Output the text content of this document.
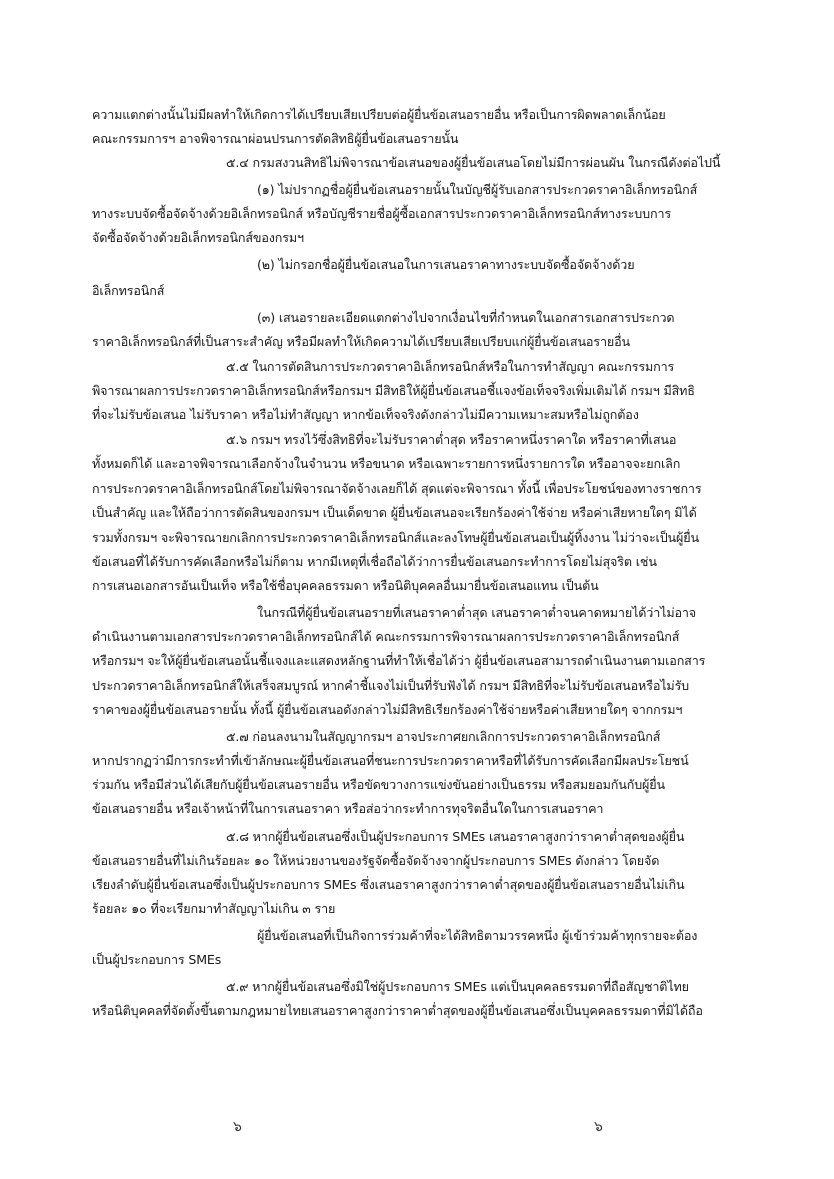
ความแตกต่างนั้นไม่มีผลทำให้เกิดการได้เปรียบเสียเปรียบต่อผู้ยื่นข้อเสนอรายอื่น หรือเป็นการผิดพลาดเล็กน้อย
คณะกรรมการฯ อาจพิจารณาผ่อนปรนการตัดสิทธิผู้ยื่นข้อเสนอรายนั้น
๕.๔ กรมสงวนสิทธิไม่พิจารณาข้อเสนอของผู้ยื่นข้อเสนอโดยไม่มีการผ่อนผัน ในกรณีดังต่อไปนี้
(๑) ไม่ปรากฏชื่อผู้ยื่นข้อเสนอรายนั้นในบัญชีผู้รับเอกสารประกวดราคาอิเล็กทรอนิกส์
ทางระบบจัดซื้อจัดจ้างด้วยอิเล็กทรอนิกส์ หรือบัญชีรายชื่อผู้ซื้อเอกสารประกวดราคาอิเล็กทรอนิกส์ทางระบบการ
จัดซื้อจัดจ้างด้วยอิเล็กทรอนิกส์ของกรมฯ
(๒) ไม่กรอกชื่อผู้ยื่นข้อเสนอในการเสนอราคาทางระบบจัดซื้อจัดจ้างด้วย
อิเล็กทรอนิกส์
(๓) เสนอรายละเอียดแตกต่างไปจากเงื่อนไขที่กำหนดในเอกสารเอกสารประกวด
ราคาอิเล็กทรอนิกส์ที่เป็นสาระสำคัญ หรือมีผลทำให้เกิดความได้เปรียบเสียเปรียบแก่ผู้ยื่นข้อเสนอรายอื่น
๕.๕ ในการตัดสินการประกวดราคาอิเล็กทรอนิกส์หรือในการทำสัญญา คณะกรรมการ
พิจารณาผลการประกวดราคาอิเล็กทรอนิกส์หรือกรมฯ มีสิทธิให้ผู้ยื่นข้อเสนอชี้แจงข้อเท็จจริงเพิ่มเติมได้ กรมฯ มีสิทธิ
ที่จะไม่รับข้อเสนอ ไม่รับราคา หรือไม่ทำสัญญา หากข้อเท็จจริงดังกล่าวไม่มีความเหมาะสมหรือไม่ถูกต้อง
๕.๖ กรมฯ ทรงไว้ซึ่งสิทธิที่จะไม่รับราคาต่ำสุด หรือราคาหนึ่งราคาใด หรือราคาที่เสนอ
ทั้งหมดก็ได้ และอาจพิจารณาเลือกจ้างในจำนวน หรือขนาด หรือเฉพาะรายการหนึ่งรายการใด หรืออาจจะยกเลิก
การประกวดราคาอิเล็กทรอนิกส์โดยไม่พิจารณาจัดจ้างเลยก็ได้ สุดแต่จะพิจารณา ทั้งนี้ เพื่อประโยชน์ของทางราชการ
เป็นสำคัญ และให้ถือว่าการตัดสินของกรมฯ เป็นเด็ดขาด ผู้ยื่นข้อเสนอจะเรียกร้องค่าใช้จ่าย หรือค่าเสียหายใดๆ มิได้
รวมทั้งกรมฯ จะพิจารณายกเลิกการประกวดราคาอิเล็กทรอนิกส์และลงโทษผู้ยื่นข้อเสนอเป็นผู้ทิ้งงาน ไม่ว่าจะเป็นผู้ยื่น
ข้อเสนอที่ได้รับการคัดเลือกหรือไม่ก็ตาม หากมีเหตุที่เชื่อถือได้ว่าการยื่นข้อเสนอกระทำการโดยไม่สุจริต เช่น
การเสนอเอกสารอันเป็นเท็จ หรือใช้ชื่อบุคคลธรรมดา หรือนิติบุคคลอื่นมายื่นข้อเสนอแทน เป็นต้น
ในกรณีที่ผู้ยื่นข้อเสนอรายที่เสนอราคาต่ำสุด เสนอราคาต่ำจนคาดหมายได้ว่าไม่อาจ
ดำเนินงานตามเอกสารประกวดราคาอิเล็กทรอนิกส์ได้ คณะกรรมการพิจารณาผลการประกวดราคาอิเล็กทรอนิกส์
หรือกรมฯ จะให้ผู้ยื่นข้อเสนอนั้นชี้แจงและแสดงหลักฐานที่ทำให้เชื่อได้ว่า ผู้ยื่นข้อเสนอสามารถดำเนินงานตามเอกสาร
ประกวดราคาอิเล็กทรอนิกส์ให้เสร็จสมบูรณ์ หากคำชี้แจงไม่เป็นที่รับฟังได้ กรมฯ มีสิทธิที่จะไม่รับข้อเสนอหรือไม่รับ
ราคาของผู้ยื่นข้อเสนอรายนั้น ทั้งนี้ ผู้ยื่นข้อเสนอดังกล่าวไม่มีสิทธิเรียกร้องค่าใช้จ่ายหรือค่าเสียหายใดๆ จากกรมฯ
๕.๗ ก่อนลงนามในสัญญากรมฯ อาจประกาศยกเลิกการประกวดราคาอิเล็กทรอนิกส์
หากปรากฏว่ามีการกระทำที่เข้าลักษณะผู้ยื่นข้อเสนอที่ชนะการประกวดราคาหรือที่ได้รับการคัดเลือกมีผลประโยชน์
ร่วมกัน หรือมีส่วนได้เสียกับผู้ยื่นข้อเสนอรายอื่น หรือขัดขวางการแข่งขันอย่างเป็นธรรม หรือสมยอมกันกับผู้ยื่น
ข้อเสนอรายอื่น หรือเจ้าหน้าที่ในการเสนอราคา หรือส่อว่ากระทำการทุจริตอื่นใดในการเสนอราคา
๕.๘ หากผู้ยื่นข้อเสนอซึ่งเป็นผู้ประกอบการ SMEs เสนอราคาสูงกว่าราคาต่ำสุดของผู้ยื่น
ข้อเสนอรายอื่นที่ไม่เกินร้อยละ ๑๐ ให้หน่วยงานของรัฐจัดซื้อจัดจ้างจากผู้ประกอบการ SMEs ดังกล่าว โดยจัด
เรียงลำดับผู้ยื่นข้อเสนอซึ่งเป็นผู้ประกอบการ SMEs ซึ่งเสนอราคาสูงกว่าราคาต่ำสุดของผู้ยื่นข้อเสนอรายอื่นไม่เกิน
ร้อยละ ๑๐ ที่จะเรียกมาทำสัญญาไม่เกิน ๓ ราย
ผู้ยื่นข้อเสนอที่เป็นกิจการร่วมค้าที่จะได้สิทธิตามวรรคหนึ่ง ผู้เข้าร่วมค้าทุกรายจะต้อง
เป็นผู้ประกอบการ SMEs
๕.๙ หากผู้ยื่นข้อเสนอซึ่งมิใช่ผู้ประกอบการ SMEs แต่เป็นบุคคลธรรมดาที่ถือสัญชาติไทย
หรือนิติบุคคลที่จัดตั้งขึ้นตามกฎหมายไทยเสนอราคาสูงกว่าราคาต่ำสุดของผู้ยื่นข้อเสนอซึ่งเป็นบุคคลธรรมดาที่มิได้ถือ
๖	๖
